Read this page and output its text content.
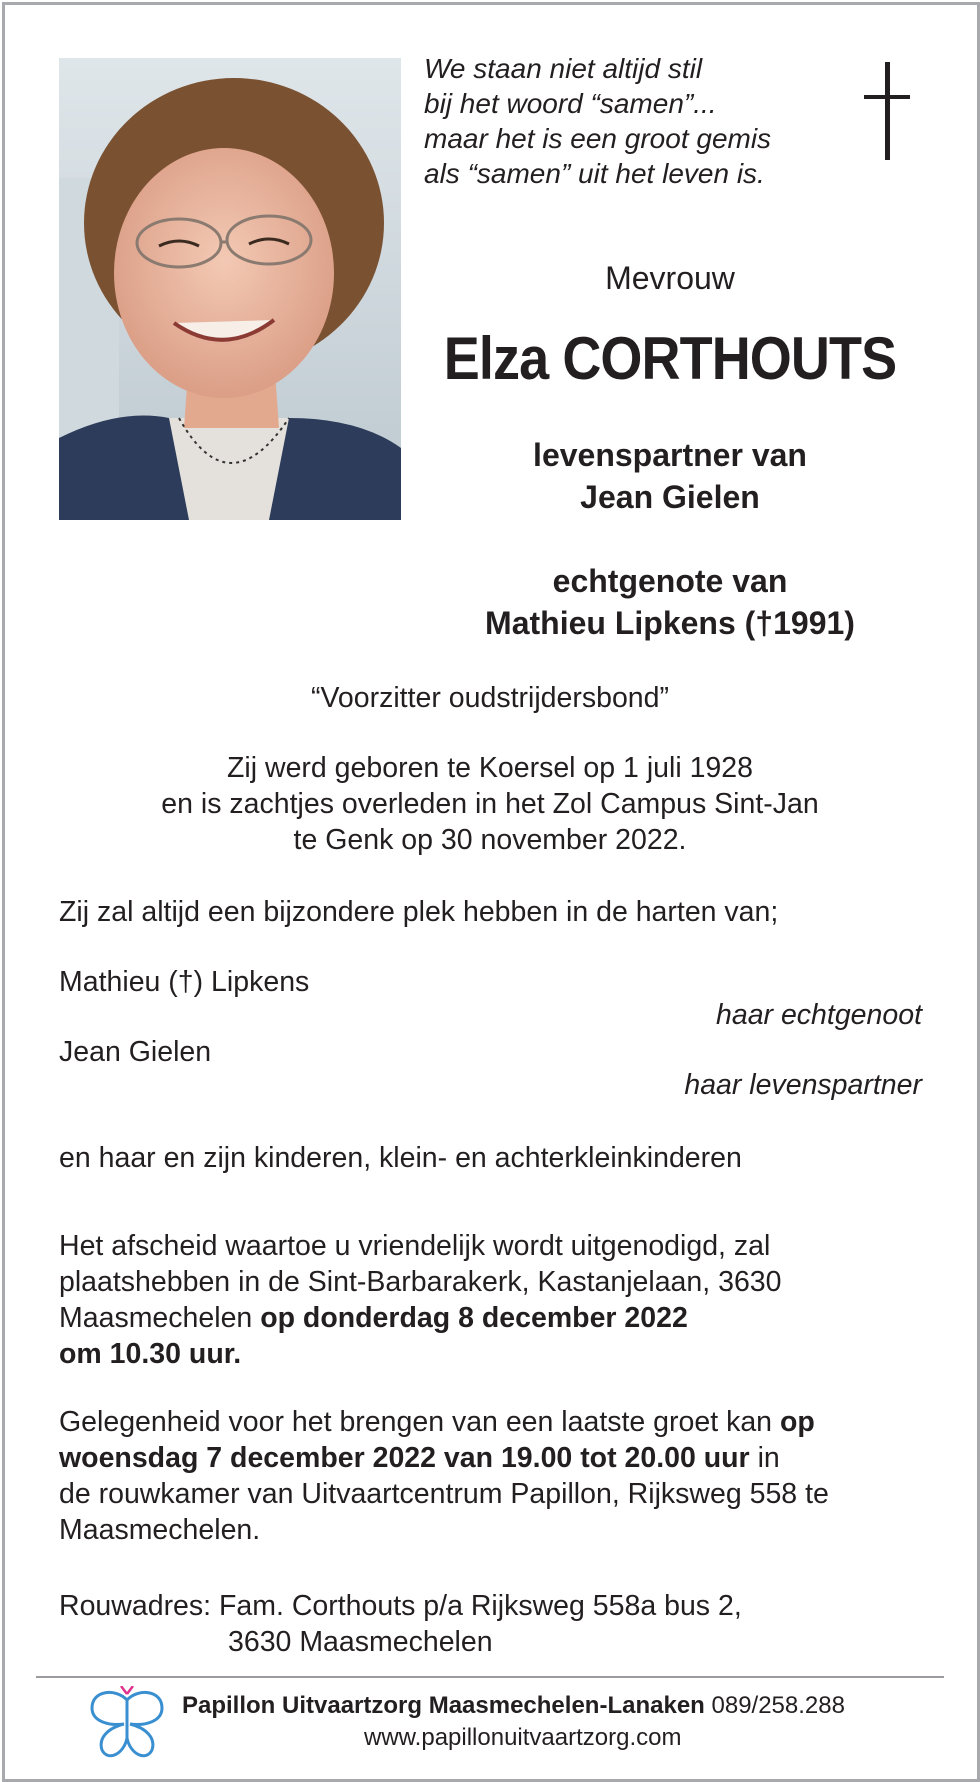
We staan niet altijd stil
bij het woord “samen”...
maar het is een groot gemis
als “samen” uit het leven is.
Mevrouw
Elza CORTHOUTS
levenspartner van
Jean Gielen
echtgenote van
Mathieu Lipkens (†1991)
“Voorzitter oudstrijdersbond”
Zij werd geboren te Koersel op 1 juli 1928
en is zachtjes overleden in het Zol Campus Sint-Jan
te Genk op 30 november 2022.
Zij zal altijd een bijzondere plek hebben in de harten van;
Mathieu (†) Lipkens
haar echtgenoot
Jean Gielen
haar levenspartner
en haar en zijn kinderen, klein- en achterkleinkinderen
Het afscheid waartoe u vriendelijk wordt uitgenodigd, zal
plaatshebben in de Sint-Barbarakerk, Kastanjelaan, 3630
Maasmechelen op donderdag 8 december 2022
om 10.30 uur.
Gelegenheid voor het brengen van een laatste groet kan op
woensdag 7 december 2022 van 19.00 tot 20.00 uur in
de rouwkamer van Uitvaartcentrum Papillon, Rijksweg 558 te
Maasmechelen.
Rouwadres: Fam. Corthouts p/a Rijksweg 558a bus 2,
3630 Maasmechelen
Papillon Uitvaartzorg Maasmechelen-Lanaken 089/258.288
www.papillonuitvaartzorg.com
